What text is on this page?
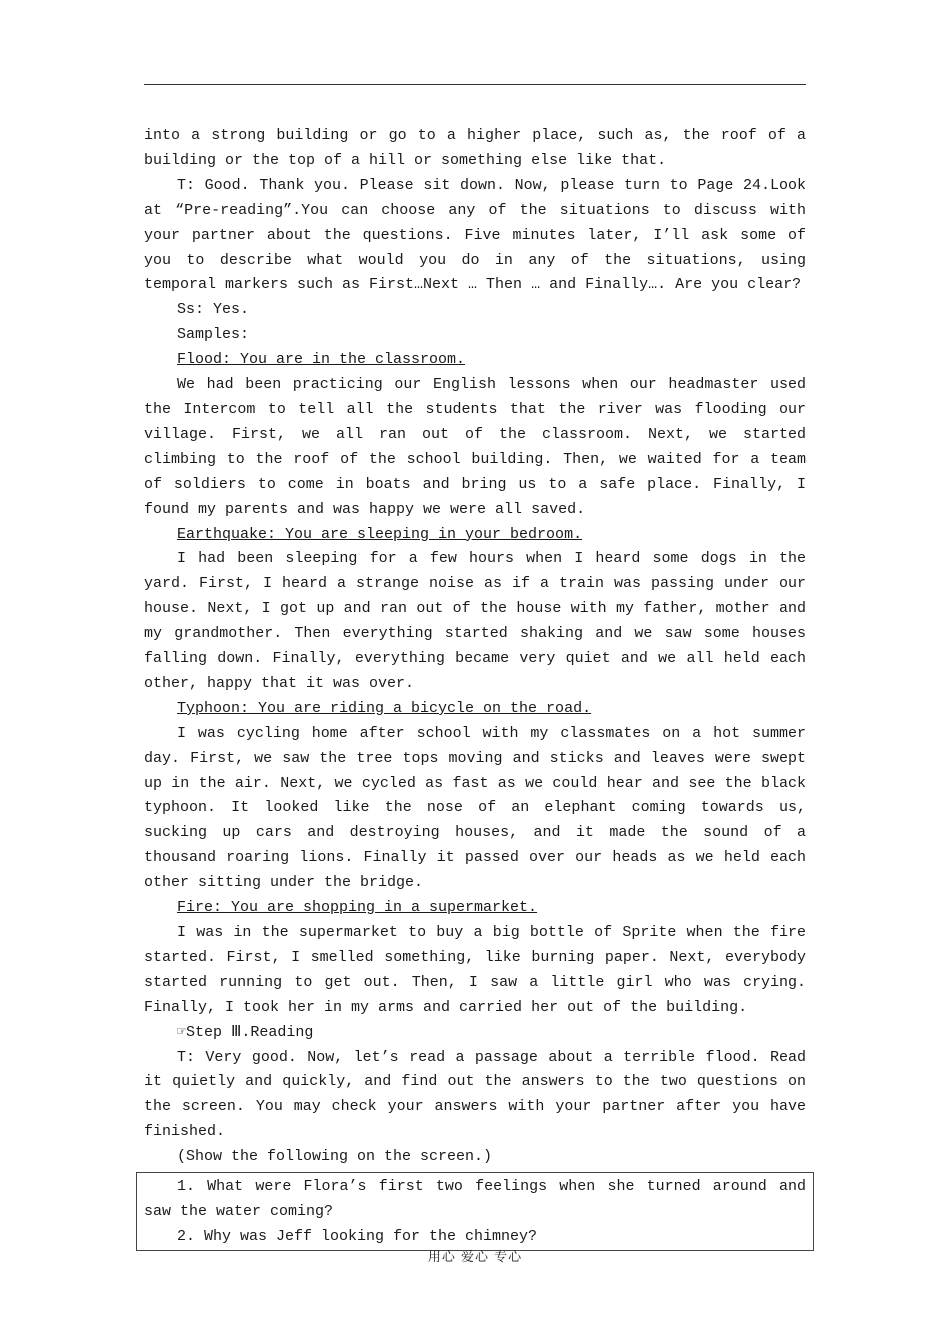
into a strong building or go to a higher place, such as, the roof of a building or the top of a hill or something else like that.

T: Good. Thank you. Please sit down. Now, please turn to Page 24.Look at “Pre-reading”.You can choose any of the situations to discuss with your partner about the questions. Five minutes later, I’ll ask some of you to describe what would you do in any of the situations, using temporal markers such as First…Next … Then … and Finally…. Are you clear?

Ss: Yes.

Samples:

Flood: You are in the classroom.

We had been practicing our English lessons when our headmaster used the Intercom to tell all the students that the river was flooding our village. First, we all ran out of the classroom. Next, we started climbing to the roof of the school building. Then, we waited for a team of soldiers to come in boats and bring us to a safe place. Finally, I found my parents and was happy we were all saved.

Earthquake: You are sleeping in your bedroom.

I had been sleeping for a few hours when I heard some dogs in the yard. First, I heard a strange noise as if a train was passing under our house. Next, I got up and ran out of the house with my father, mother and my grandmother. Then everything started shaking and we saw some houses falling down. Finally, everything became very quiet and we all held each other, happy that it was over.

Typhoon: You are riding a bicycle on the road.

I was cycling home after school with my classmates on a hot summer day. First, we saw the tree tops moving and sticks and leaves were swept up in the air. Next, we cycled as fast as we could hear and see the black typhoon. It looked like the nose of an elephant coming towards us, sucking up cars and destroying houses, and it made the sound of a thousand roaring lions. Finally it passed over our heads as we held each other sitting under the bridge.

Fire: You are shopping in a supermarket.

I was in the supermarket to buy a big bottle of Sprite when the fire started. First, I smelled something, like burning paper. Next, everybody started running to get out. Then, I saw a little girl who was crying. Finally, I took her in my arms and carried her out of the building.

☞Step Ⅲ.Reading

T: Very good. Now, let’s read a passage about a terrible flood. Read it quietly and quickly, and find out the answers to the two questions on the screen. You may check your answers with your partner after you have finished.

(Show the following on the screen.)

1. What were Flora’s first two feelings when she turned around and saw the water coming?

2. Why was Jeff looking for the chimney?

用心 爱心 专心
